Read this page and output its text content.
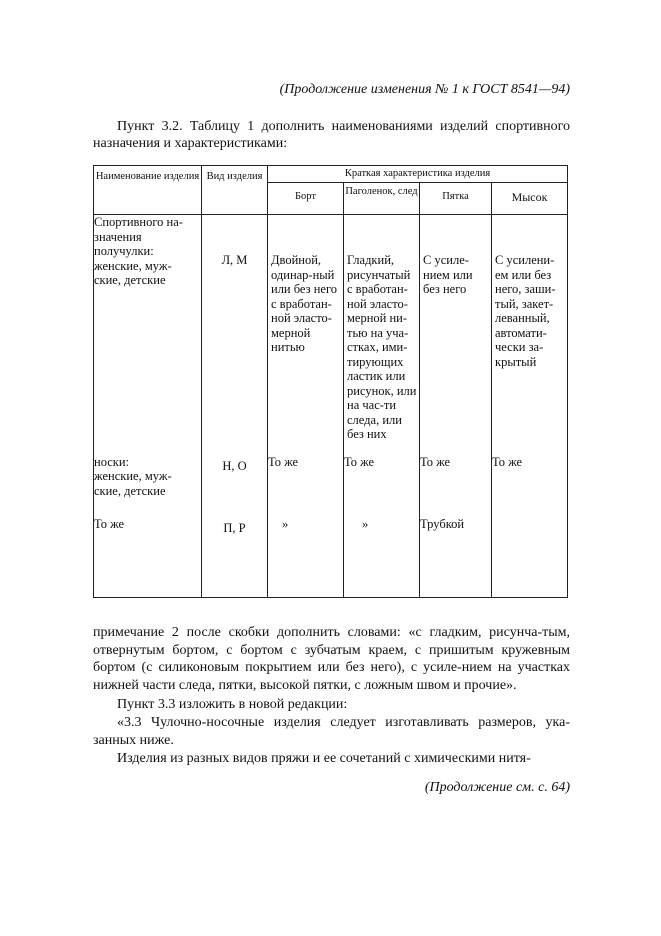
(Продолжение изменения № 1 к ГОСТ 8541—94)
Пункт 3.2. Таблицу 1 дополнить наименованиями изделий спортивного назначения и характеристиками:
Наименование изделия	Вид изделия	Краткая характеристика изделия			
		Борт	Паголенок, след	Пятка	Мысок

Спортивного на-
значения
получулки:
женские, муж-
ские, детские	Л, М	Двойной, одинар-ный или без него с вработан-ной эласто-мерной нитью	Гладкий, рисунчатый с вработан-ной эласто-мерной ни-тью на уча-стках, ими-тирующих ластик или рисунок, или на час-ти следа, или без них	С усиле-нием или без него	С усилени-ем или без него, заши-тый, закет-леванный, автомати-чески за-крытый

носки:
женские, муж-
ские, детские	Н, О	То же	То же	То же	То же
То же	П, Р	»	»	Трубкой	
примечание 2 после скобки дополнить словами: «с гладким, рисунча-тым, отвернутым бортом, с бортом с зубчатым краем, с пришитым кружевным бортом (с силиконовым покрытием или без него), с усиле-нием на участках нижней части следа, пятки, высокой пятки, с ложным швом и прочие».
Пункт 3.3 изложить в новой редакции:
«3.3 Чулочно-носочные изделия следует изготавливать размеров, ука-занных ниже.
Изделия из разных видов пряжи и ее сочетаний с химическими нитя-
(Продолжение см. с. 64)
